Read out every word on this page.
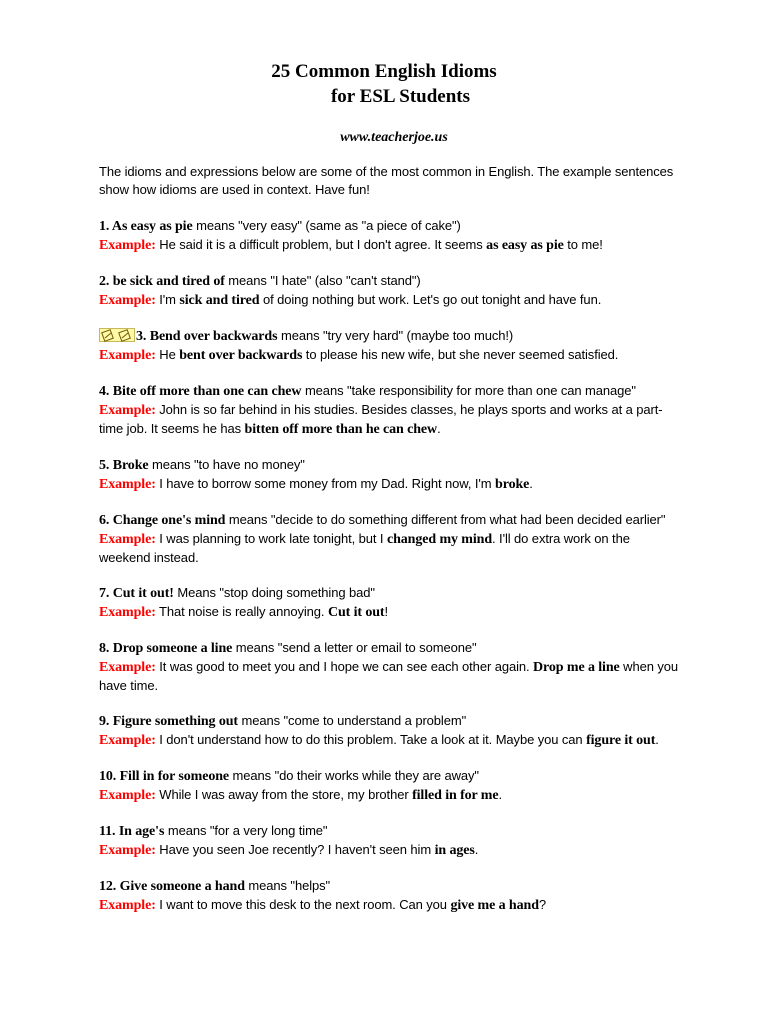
25 Common English Idioms
for ESL Students
www.teacherjoe.us

The idioms and expressions below are some of the most common in English. The example sentences show how idioms are used in context. Have fun!

1. As easy as pie means "very easy" (same as "a piece of cake")
Example: He said it is a difficult problem, but I don't agree. It seems as easy as pie to me!
2. be sick and tired of means "I hate" (also "can't stand")
Example: I'm sick and tired of doing nothing but work. Let's go out tonight and have fun.
3. Bend over backwards means "try very hard" (maybe too much!)
Example: He bent over backwards to please his new wife, but she never seemed satisfied.
4. Bite off more than one can chew means "take responsibility for more than one can manage"
Example: John is so far behind in his studies. Besides classes, he plays sports and works at a part-time job. It seems he has bitten off more than he can chew.
5. Broke means "to have no money"
Example: I have to borrow some money from my Dad. Right now, I'm broke.
6. Change one's mind means "decide to do something different from what had been decided earlier"
Example: I was planning to work late tonight, but I changed my mind. I'll do extra work on the weekend instead.
7. Cut it out! Means "stop doing something bad"
Example: That noise is really annoying. Cut it out!
8. Drop someone a line means "send a letter or email to someone"
Example: It was good to meet you and I hope we can see each other again. Drop me a line when you have time.
9. Figure something out means "come to understand a problem"
Example: I don't understand how to do this problem. Take a look at it. Maybe you can figure it out.
10. Fill in for someone means "do their works while they are away"
Example: While I was away from the store, my brother filled in for me.
11. In age's means "for a very long time"
Example: Have you seen Joe recently? I haven't seen him in ages.
12. Give someone a hand means "helps"
Example: I want to move this desk to the next room. Can you give me a hand?
